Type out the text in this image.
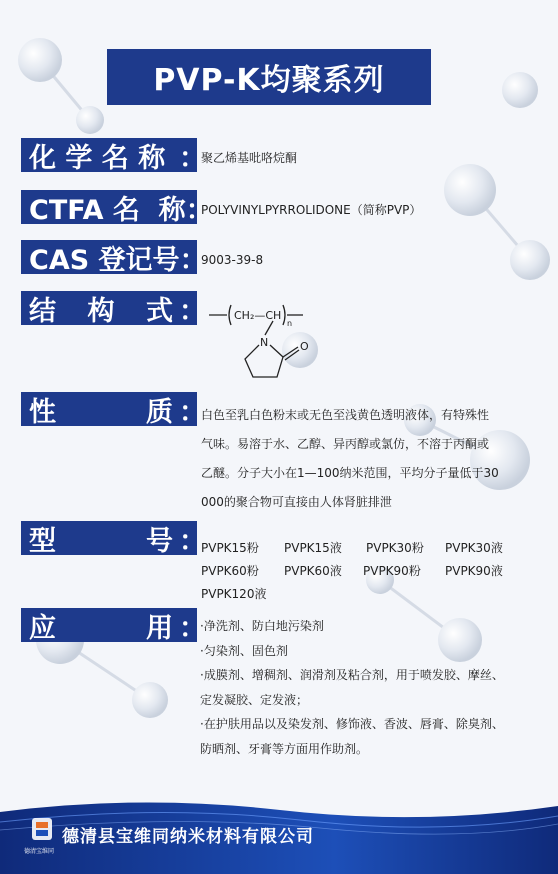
PVP-K均聚系列
化 学 名 称 ：
聚乙烯基吡咯烷酮
CTFA 名  称 ：
POLYVINYLPYRROLIDONE（简称PVP）
CAS 登记号 ：
9003-39-8
结 构 式 ：	CH₂—CH
n
N	O
性	质 ：
白色至乳白色粉末或无色至浅黄色透明液体，有特殊性
气味。易溶于水、乙醇、异丙醇或氯仿，不溶于丙酮或
乙醚。分子大小在1—100纳米范围，平均分子量低于30
000的聚合物可直接由人体肾脏排泄
型	号 ：
PVPK15粉	PVPK15液	PVPK30粉	PVPK30液
PVPK60粉	PVPK60液	PVPK90粉	PVPK90液
PVPK120液
应	用 ：
·净洗剂、防白地污染剂
·匀染剂、固色剂
·成膜剂、增稠剂、润滑剂及粘合剂，用于喷发胶、摩丝、
定发凝胶、定发液；
·在护肤用品以及染发剂、修饰液、香波、唇膏、除臭剂、
防晒剂、牙膏等方面用作助剂。
德清宝维同
德清县宝维同纳米材料有限公司
